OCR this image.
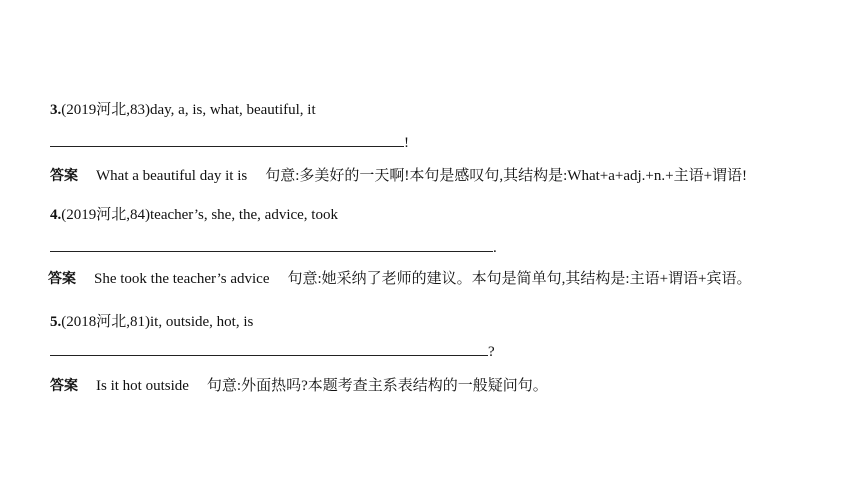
3.(2019河北,83)day, a, is, what, beautiful, it
!
答案 What a beautiful day it is 句意:多美好的一天啊!本句是感叹句,其结构是:What+a+adj.+n.+主语+谓语!
4.(2019河北,84)teacher’s, she, the, advice, took
.
答案 She took the teacher’s advice 句意:她采纳了老师的建议。本句是简单句,其结构是:主语+谓语+宾语。
5.(2018河北,81)it, outside, hot, is
?
答案 Is it hot outside 句意:外面热吗?本题考查主系表结构的一般疑问句。
